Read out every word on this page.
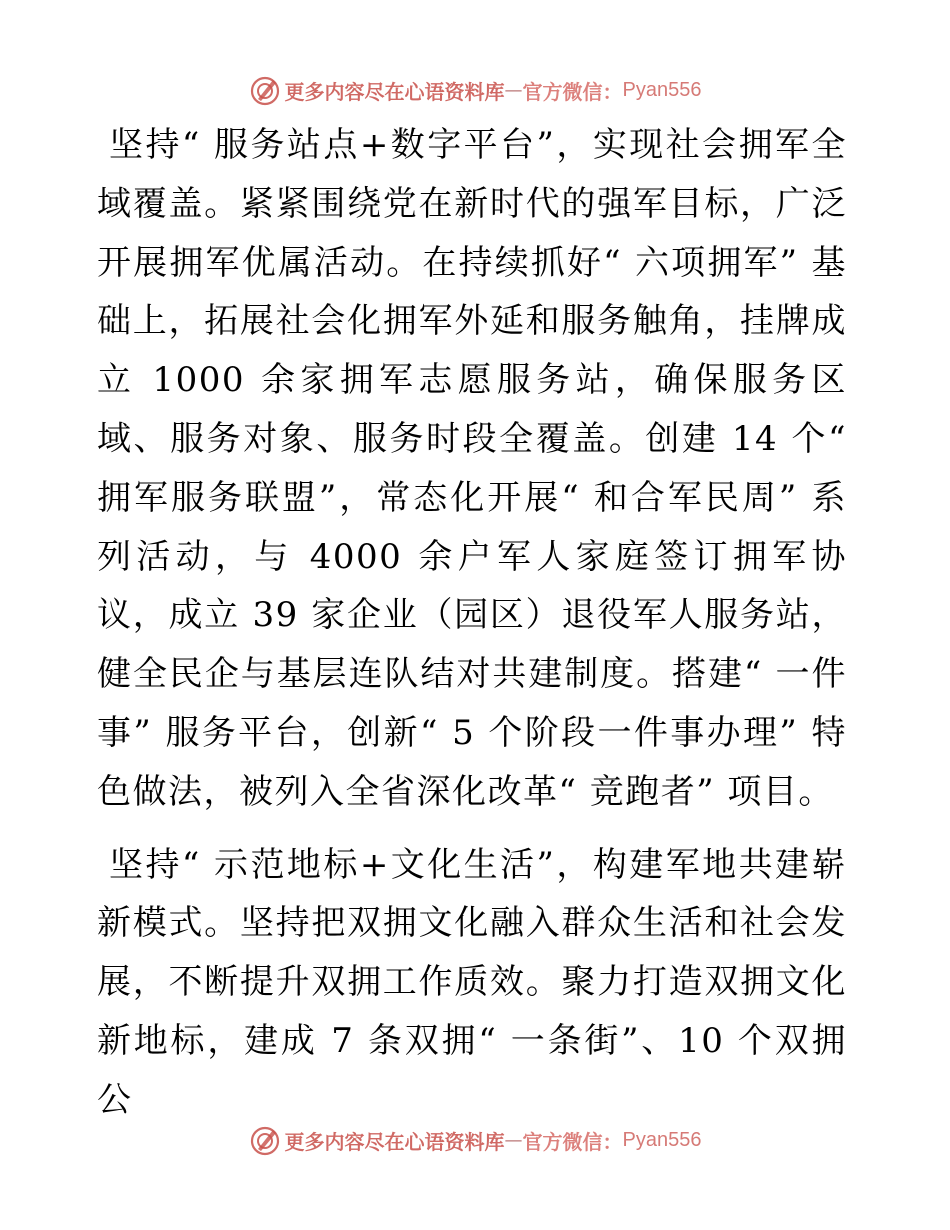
更多内容尽在心语资料库 — 官方微信： Pyan556

坚持“ 服务站点+数字平台”，实现社会拥军全域覆盖。紧紧围绕党在新时代的强军目标，广泛开展拥军优属活动。在持续抓好“ 六项拥军” 基础上，拓展社会化拥军外延和服务触角，挂牌成立 1000 余家拥军志愿服务站，确保服务区域、服务对象、服务时段全覆盖。创建 14 个“ 拥军服务联盟”，常态化开展“ 和合军民周” 系列活动，与 4000 余户军人家庭签订拥军协议，成立 39 家企业（园区）退役军人服务站，健全民企与基层连队结对共建制度。搭建“ 一件事” 服务平台，创新“ 5 个阶段一件事办理” 特色做法，被列入全省深化改革“ 竞跑者” 项目。

坚持“ 示范地标+文化生活”，构建军地共建崭新模式。坚持把双拥文化融入群众生活和社会发展，不断提升双拥工作质效。聚力打造双拥文化新地标，建成 7 条双拥“ 一条街”、10 个双拥公

更多内容尽在心语资料库 — 官方微信： Pyan556
